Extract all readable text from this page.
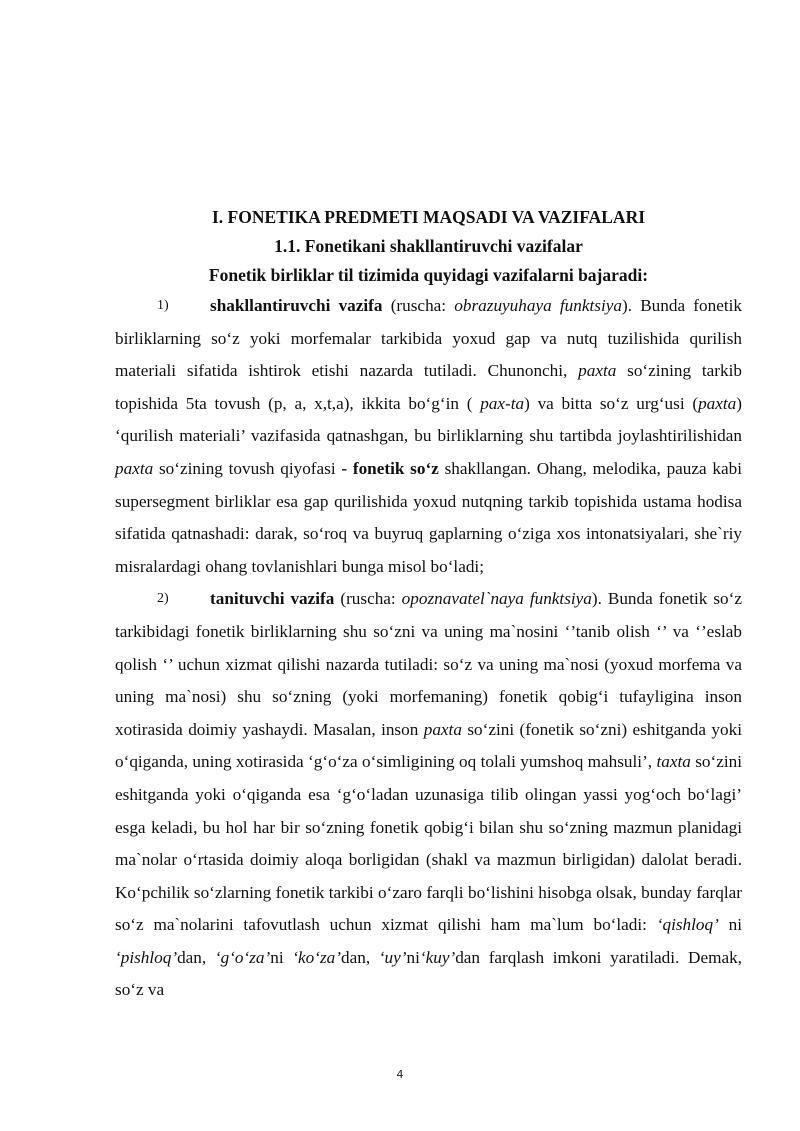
I. FONETIKA PREDMETI MAQSADI VA VAZIFALARI
1.1. Fonetikani shakllantiruvchi vazifalar
Fonetik birliklar til tizimida quyidagi vazifalarni bajaradi:

1) shakllantiruvchi vazifa (ruscha: obrazuyuhaya funktsiya). Bunda fonetik birliklarning so‘z yoki morfemalar tarkibida yoxud gap va nutq tuzilishida qurilish materiali sifatida ishtirok etishi nazarda tutiladi. Chunonchi, paxta so‘zining tarkib topishida 5ta tovush (p, a, x,t,a), ikkita bo‘g‘in ( pax-ta) va bitta so‘z urg‘usi (paxta) ‘qurilish materiali’ vazifasida qatnashgan, bu birliklarning shu tartibda joylashtirilishidan paxta so‘zining tovush qiyofasi - fonetik so‘z shakllangan. Ohang, melodika, pauza kabi supersegment birliklar esa gap qurilishida yoxud nutqning tarkib topishida ustama hodisa sifatida qatnashadi: darak, so‘roq va buyruq gaplarning o‘ziga xos intonatsiyalari, she`riy misralardagi ohang tovlanishlari bunga misol bo‘ladi;

2) tanituvchi vazifa (ruscha: opoznavatel`naya funktsiya). Bunda fonetik so‘z tarkibidagi fonetik birliklarning shu so‘zni va uning ma`nosini ‘’tanib olish ‘’ va ‘’eslab qolish ‘’ uchun xizmat qilishi nazarda tutiladi: so‘z va uning ma`nosi (yoxud morfema va uning ma`nosi) shu so‘zning (yoki morfemaning) fonetik qobig‘i tufayligina inson xotirasida doimiy yashaydi. Masalan, inson paxta so‘zini (fonetik so‘zni) eshitganda yoki o‘qiganda, uning xotirasida ‘g‘o‘za o‘simligining oq tolali yumshoq mahsuli’, taxta so‘zini eshitganda yoki o‘qiganda esa ‘g‘o‘ladan uzunasiga tilib olingan yassi yog‘och bo‘lagi’ esga keladi, bu hol har bir so‘zning fonetik qobig‘i bilan shu so‘zning mazmun planidagi ma`nolar o‘rtasida doimiy aloqa borligidan (shakl va mazmun birligidan) dalolat beradi. Ko‘pchilik so‘zlarning fonetik tarkibi o‘zaro farqli bo‘lishini hisobga olsak, bunday farqlar so‘z ma`nolarini tafovutlash uchun xizmat qilishi ham ma`lum bo‘ladi: ‘qishloq’ ni ‘pishloq’dan, ‘g‘o‘za’ni ‘ko‘za’dan, ‘uy’ni‘kuy’dan farqlash imkoni yaratiladi. Demak, so‘z va

4
